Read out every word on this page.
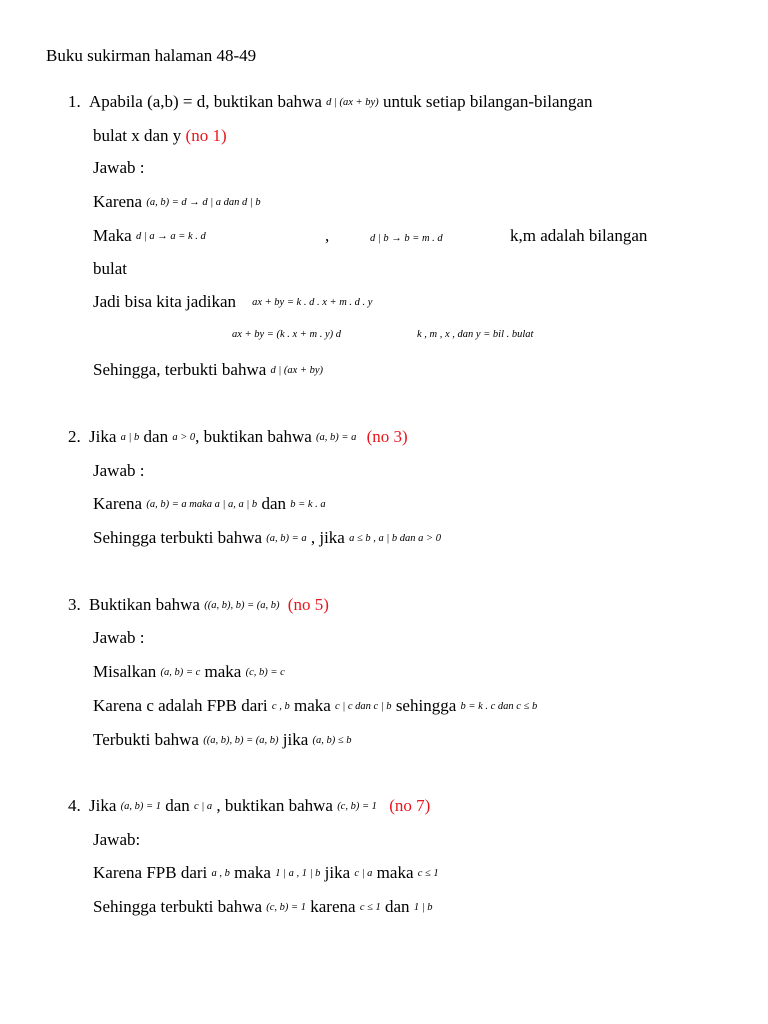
Buku sukirman halaman 48-49
1. Apabila (a,b) = d, buktikan bahwa d | (ax + by) untuk setiap bilangan-bilangan
bulat x dan y (no 1)
Jawab :
Karena (a, b) = d → d | a dan d | b
Maka d | a → a = k . d	,	d | b → b = m . d	k,m adalah bilangan
bulat
Jadi bisa kita jadikan ax + by = k . d . x + m . d . y
ax + by = (k . x + m . y) d	k , m , x , dan y = bil . bulat
Sehingga, terbukti bahwa d | (ax + by)
2. Jika a | b dan a > 0, buktikan bahwa (a, b) = a (no 3)
Jawab :
Karena (a, b) = a maka a | a, a | b dan b = k . a
Sehingga terbukti bahwa (a, b) = a , jika a ≤ b , a | b dan a > 0
3. Buktikan bahwa ((a, b), b) = (a, b) (no 5)
Jawab :
Misalkan (a, b) = c maka (c, b) = c
Karena c adalah FPB dari c , b maka c | c dan c | b sehingga b = k . c dan c ≤ b
Terbukti bahwa ((a, b), b) = (a, b) jika (a, b) ≤ b
4. Jika (a, b) = 1 dan c | a , buktikan bahwa (c, b) = 1 (no 7)
Jawab:
Karena FPB dari a , b maka 1 | a , 1 | b jika c | a maka c ≤ 1
Sehingga terbukti bahwa (c, b) = 1 karena c ≤ 1 dan 1 | b
